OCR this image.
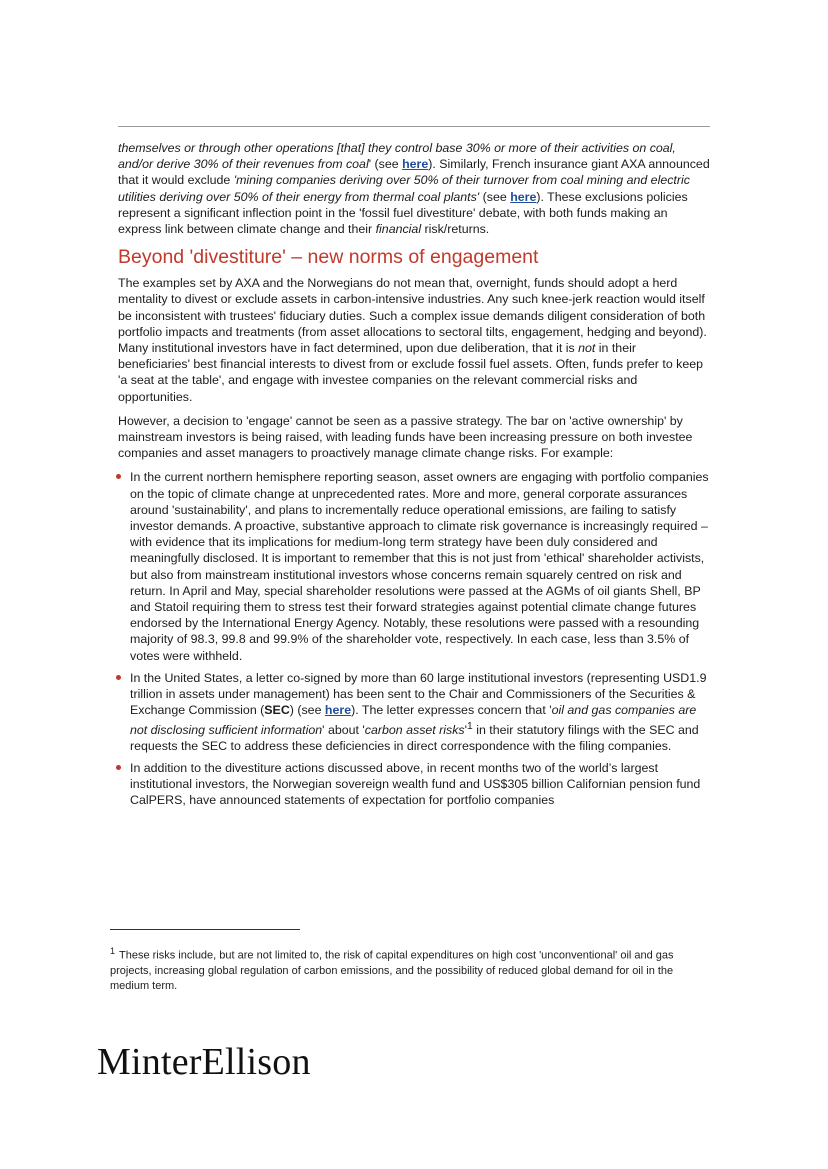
themselves or through other operations [that] they control base 30% or more of their activities on coal, and/or derive 30% of their revenues from coal' (see here). Similarly, French insurance giant AXA announced that it would exclude 'mining companies deriving over 50% of their turnover from coal mining and electric utilities deriving over 50% of their energy from thermal coal plants' (see here). These exclusions policies represent a significant inflection point in the 'fossil fuel divestiture' debate, with both funds making an express link between climate change and their financial risk/returns.

Beyond 'divestiture' – new norms of engagement

The examples set by AXA and the Norwegians do not mean that, overnight, funds should adopt a herd mentality to divest or exclude assets in carbon-intensive industries. Any such knee-jerk reaction would itself be inconsistent with trustees' fiduciary duties. Such a complex issue demands diligent consideration of both portfolio impacts and treatments (from asset allocations to sectoral tilts, engagement, hedging and beyond). Many institutional investors have in fact determined, upon due deliberation, that it is not in their beneficiaries' best financial interests to divest from or exclude fossil fuel assets. Often, funds prefer to keep 'a seat at the table', and engage with investee companies on the relevant commercial risks and opportunities.

However, a decision to 'engage' cannot be seen as a passive strategy. The bar on 'active ownership' by mainstream investors is being raised, with leading funds have been increasing pressure on both investee companies and asset managers to proactively manage climate change risks. For example:

In the current northern hemisphere reporting season, asset owners are engaging with portfolio companies on the topic of climate change at unprecedented rates. More and more, general corporate assurances around 'sustainability', and plans to incrementally reduce operational emissions, are failing to satisfy investor demands. A proactive, substantive approach to climate risk governance is increasingly required – with evidence that its implications for medium-long term strategy have been duly considered and meaningfully disclosed. It is important to remember that this is not just from 'ethical' shareholder activists, but also from mainstream institutional investors whose concerns remain squarely centred on risk and return. In April and May, special shareholder resolutions were passed at the AGMs of oil giants Shell, BP and Statoil requiring them to stress test their forward strategies against potential climate change futures endorsed by the International Energy Agency. Notably, these resolutions were passed with a resounding majority of 98.3, 99.8 and 99.9% of the shareholder vote, respectively. In each case, less than 3.5% of votes were withheld.
In the United States, a letter co-signed by more than 60 large institutional investors (representing USD1.9 trillion in assets under management) has been sent to the Chair and Commissioners of the Securities & Exchange Commission (SEC) (see here). The letter expresses concern that 'oil and gas companies are not disclosing sufficient information' about 'carbon asset $risks'^1$ in their statutory filings with the SEC and requests the SEC to address these deficiencies in direct correspondence with the filing companies.
In addition to the divestiture actions discussed above, in recent months two of the world’s largest institutional investors, the Norwegian sovereign wealth fund and US$305 billion Californian pension fund CalPERS, have announced statements of expectation for portfolio companies
$^1$ These risks include, but are not limited to, the risk of capital expenditures on high cost 'unconventional' oil and gas projects, increasing global regulation of carbon emissions, and the possibility of reduced global demand for oil in the medium term.
MinterEllison
